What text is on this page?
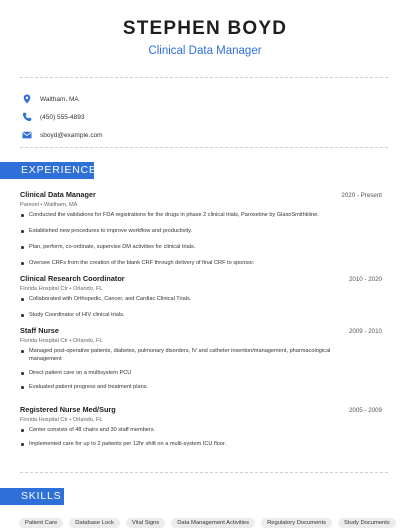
STEPHEN BOYD
Clinical Data Manager
Waltham, MA
(450) 555-4893
sboyd@example.com
EXPERIENCE
Clinical Data Manager	2020 - Present
Parexel • Waltham, MA
Conducted the validations for FDA registrations for the drugs in phase 2 clinical trials, Paroxetine by GlaxoSmithkline.
Established new procedures to improve workflow and productivity.
Plan, perform, co-ordinate, supervise DM activities for clinical trials.
Oversee CRFs from the creation of the blank CRF through delivery of final CRF to sponsor.
Clinical Research Coordinator	2010 - 2020
Florida Hospital Ctr • Orlando, FL
Collaborated with Orthopedic, Cancer, and Cardiac Clinical Trials.
Study Coordinator of HIV clinical trials.
Staff Nurse	2009 - 2010
Florida Hospital Ctr • Orlando, FL
Managed post-operative patients, diabetes, pulmonary disorders, IV and catheter insertion/management, pharmacological management
Direct patient care on a multisystem PCU
Evaluated patient progress and treatment plans.
Registered Nurse Med/Surg	2005 - 2009
Florida Hospital Ctr • Orlando, FL
Center consists of 48 chairs and 30 staff members.
Implemented care for up to 2 patients per 12hr shift on a multi-system ICU floor.
SKILLS
Patient Care	Database Lock	Vital Signs	Data Management Activities	Regulatory Documents	Study Documents
